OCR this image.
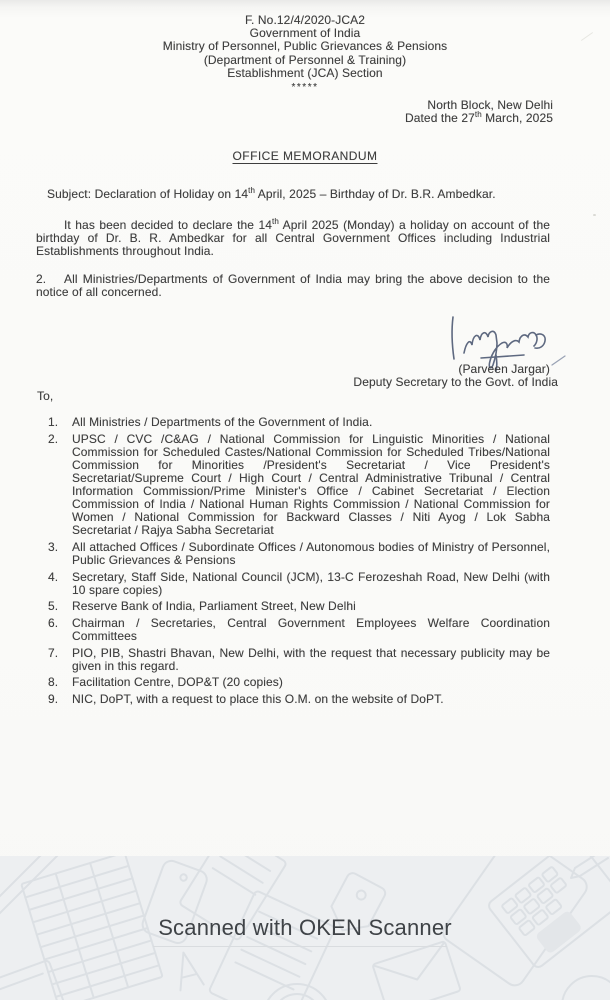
F. No.12/4/2020-JCA2
Government of India
Ministry of Personnel, Public Grievances & Pensions
(Department of Personnel & Training)
Establishment (JCA) Section
*****
North Block, New Delhi
Dated the 27th March, 2025
OFFICE MEMORANDUM

Subject: Declaration of Holiday on 14th April, 2025 – Birthday of Dr. B.R. Ambedkar.

It has been decided to declare the 14th April 2025 (Monday) a holiday on account of the birthday of Dr. B. R. Ambedkar for all Central Government Offices including Industrial Establishments throughout India.

2. All Ministries/Departments of Government of India may bring the above decision to the notice of all concerned.

(Parveen Jargar)
Deputy Secretary to the Govt. of India
To,
1. All Ministries / Departments of the Government of India.
2. UPSC / CVC /C&AG / National Commission for Linguistic Minorities / National Commission for Scheduled Castes/National Commission for Scheduled Tribes/National Commission for Minorities /President's Secretariat / Vice President's Secretariat/Supreme Court / High Court / Central Administrative Tribunal / Central Information Commission/Prime Minister's Office / Cabinet Secretariat / Election Commission of India / National Human Rights Commission / National Commission for Women / National Commission for Backward Classes / Niti Ayog / Lok Sabha Secretariat / Rajya Sabha Secretariat
3. All attached Offices / Subordinate Offices / Autonomous bodies of Ministry of Personnel, Public Grievances & Pensions
4. Secretary, Staff Side, National Council (JCM), 13-C Ferozeshah Road, New Delhi (with 10 spare copies)
5. Reserve Bank of India, Parliament Street, New Delhi
6. Chairman / Secretaries, Central Government Employees Welfare Coordination Committees
7. PIO, PIB, Shastri Bhavan, New Delhi, with the request that necessary publicity may be given in this regard.
8. Facilitation Centre, DOP&T (20 copies)
9. NIC, DoPT, with a request to place this O.M. on the website of DoPT.

Scanned with OKEN Scanner
